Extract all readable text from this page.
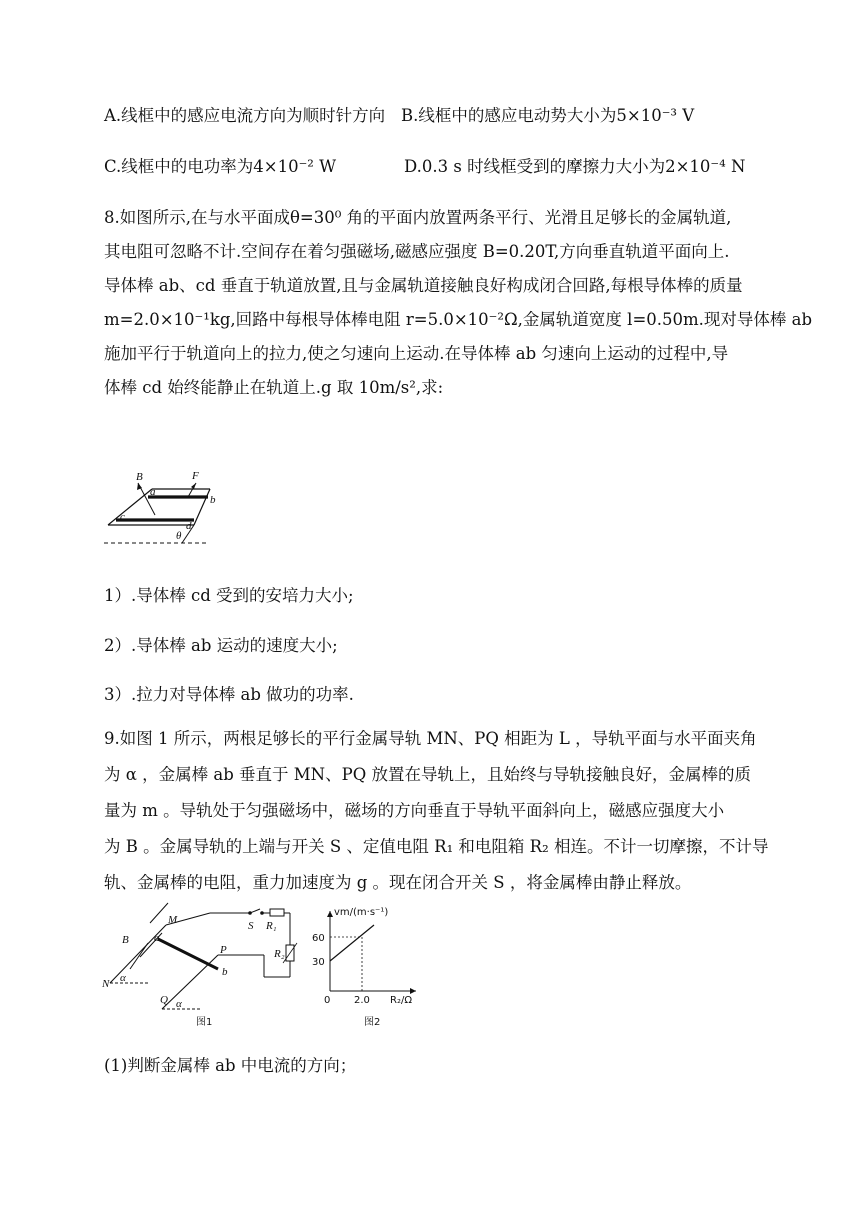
A.线框中的感应电流方向为顺时针方向 B.线框中的感应电动势大小为5×10⁻³ V
C.线框中的电功率为4×10⁻² W	D.0.3 s 时线框受到的摩擦力大小为2×10⁻⁴ N
8.如图所示,在与水平面成θ=30⁰ 角的平面内放置两条平行、光滑且足够长的金属轨道,
其电阻可忽略不计.空间存在着匀强磁场,磁感应强度 B=0.20T,方向垂直轨道平面向上.
导体棒 ab、cd 垂直于轨道放置,且与金属轨道接触良好构成闭合回路,每根导体棒的质量
m=2.0×10⁻¹kg,回路中每根导体棒电阻 r=5.0×10⁻²Ω,金属轨道宽度 l=0.50m.现对导体棒 ab
施加平行于轨道向上的拉力,使之匀速向上运动.在导体棒 ab 匀速向上运动的过程中,导
体棒 cd 始终能静止在轨道上.g 取 10m/s²,求:
B	F
a
b
c
d
θ
1）.导体棒 cd 受到的安培力大小;
2）.导体棒 ab 运动的速度大小;
3）.拉力对导体棒 ab 做功的功率.
9.如图 1 所示，两根足够长的平行金属导轨 MN、PQ 相距为 L ，导轨平面与水平面夹角
为 α ，金属棒 ab 垂直于 MN、PQ 放置在导轨上，且始终与导轨接触良好，金属棒的质
量为 m 。导轨处于匀强磁场中，磁场的方向垂直于导轨平面斜向上，磁感应强度大小
为 B 。金属导轨的上端与开关 S 、定值电阻 R₁ 和电阻箱 R₂ 相连。不计一切摩擦，不计导
轨、金属棒的电阻，重力加速度为 g 。现在闭合开关 S ，将金属棒由静止释放。
M
N
P
Q
a
b
B
S R₁
R₂
α
α
图1
vm/(m·s⁻¹)
60
30
0 2.0 R₂/Ω
图2
(1)判断金属棒 ab 中电流的方向；
